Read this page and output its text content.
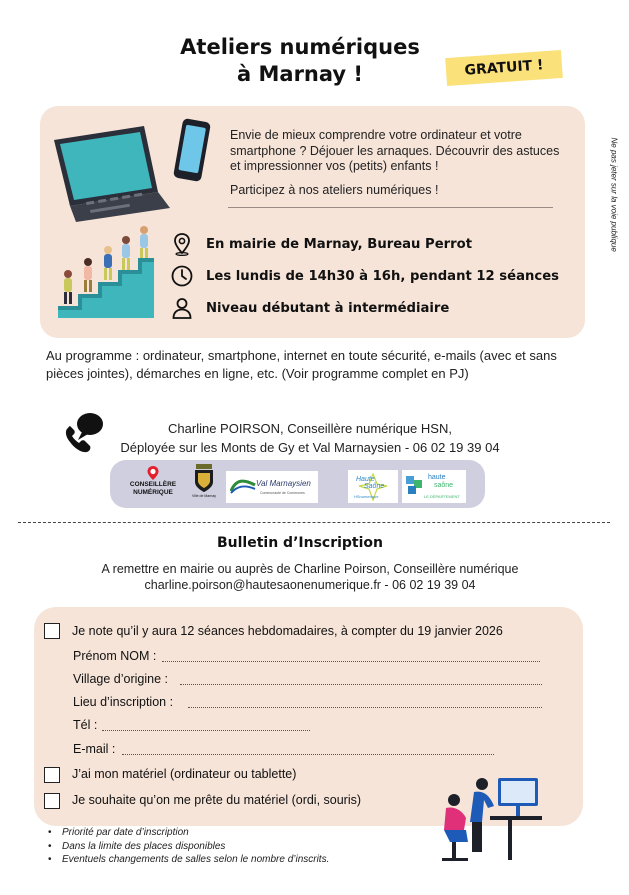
Ateliers numériques
à Marnay !	GRATUIT !
Ne pas jeter sur la voie publique

Envie de mieux comprendre votre ordinateur et votre smartphone ? Déjouer les arnaques. Découvrir des astuces et impressionner vos (petits) enfants !

Participez à nos ateliers numériques !

En mairie de Marnay, Bureau Perrot
Les lundis de 14h30 à 16h, pendant 12 séances
Niveau débutant à intermédiaire
Au programme : ordinateur, smartphone, internet en toute sécurité, e-mails (avec et sans pièces jointes), démarches en ligne, etc. (Voir programme complet en PJ)
Charline POIRSON, Conseillère numérique HSN,
Déployée sur les Monts de Gy et Val Marnaysien - 06 02 19 39 04
CONSEILLÈRE
NUMÉRIQUE	Ville de Marnay
Val Marnaysien
Communauté de Communes
Haute
Saône
HSnumerique
haute
saône
LE DÉPARTEMENT
Bulletin d’Inscription
A remettre en mairie ou auprès de Charline Poirson, Conseillère numérique
charline.poirson@hautesaonenumerique.fr - 06 02 19 39 04
Je note qu’il y aura 12 séances hebdomadaires, à compter du 19 janvier 2026
Prénom NOM :
Village d’origine :
Lieu d’inscription :
Tél :
E-mail :
J’ai mon matériel (ordinateur ou tablette)
Je souhaite qu’on me prête du matériel (ordi, souris)
• Priorité par date d’inscription
• Dans la limite des places disponibles
• Eventuels changements de salles selon le nombre d’inscrits.
